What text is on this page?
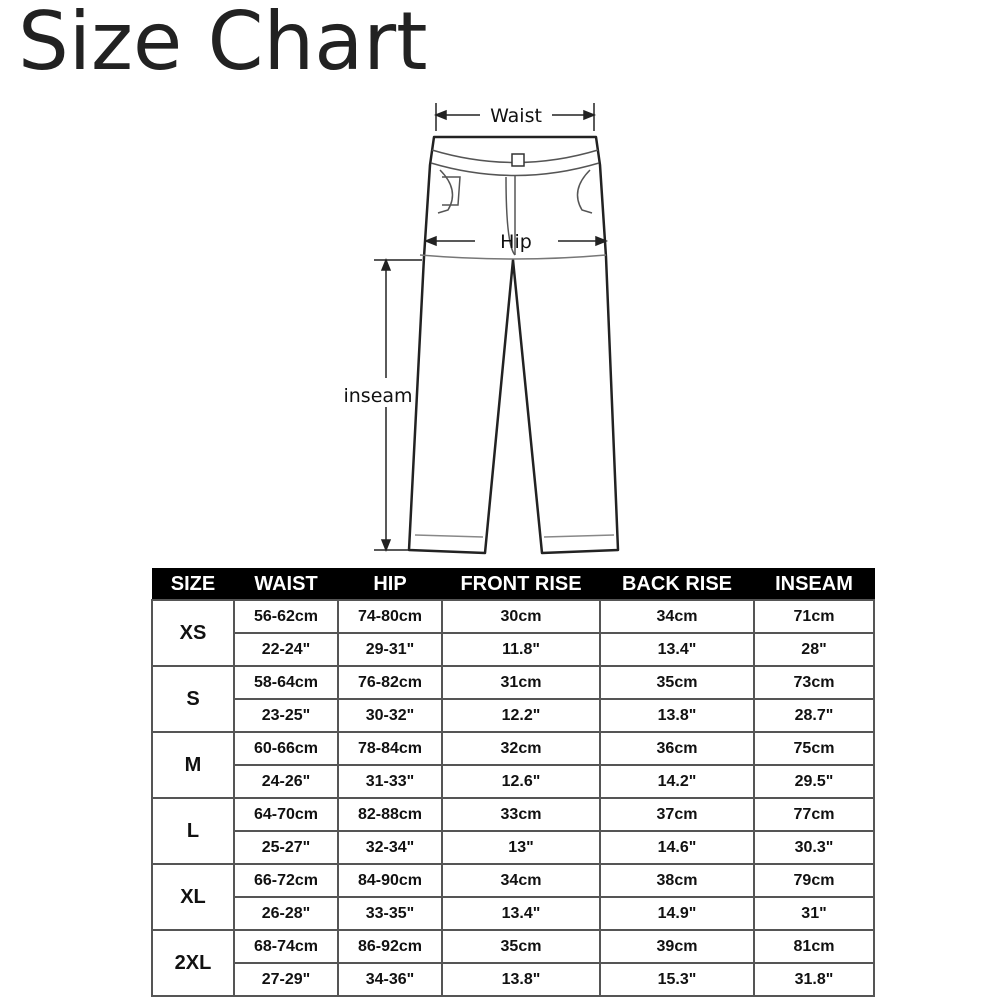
Size Chart
Waist
Hip
inseam
SIZE	WAIST	HIP	FRONT RISE	BACK RISE	INSEAM
XS	56-62cm	74-80cm	30cm	34cm	71cm
	22-24"	29-31"	11.8"	13.4"	28"
S	58-64cm	76-82cm	31cm	35cm	73cm
	23-25"	30-32"	12.2"	13.8"	28.7"
M	60-66cm	78-84cm	32cm	36cm	75cm
	24-26"	31-33"	12.6"	14.2"	29.5"
L	64-70cm	82-88cm	33cm	37cm	77cm
	25-27"	32-34"	13"	14.6"	30.3"
XL	66-72cm	84-90cm	34cm	38cm	79cm
	26-28"	33-35"	13.4"	14.9"	31"
2XL	68-74cm	86-92cm	35cm	39cm	81cm
	27-29"	34-36"	13.8"	15.3"	31.8"
